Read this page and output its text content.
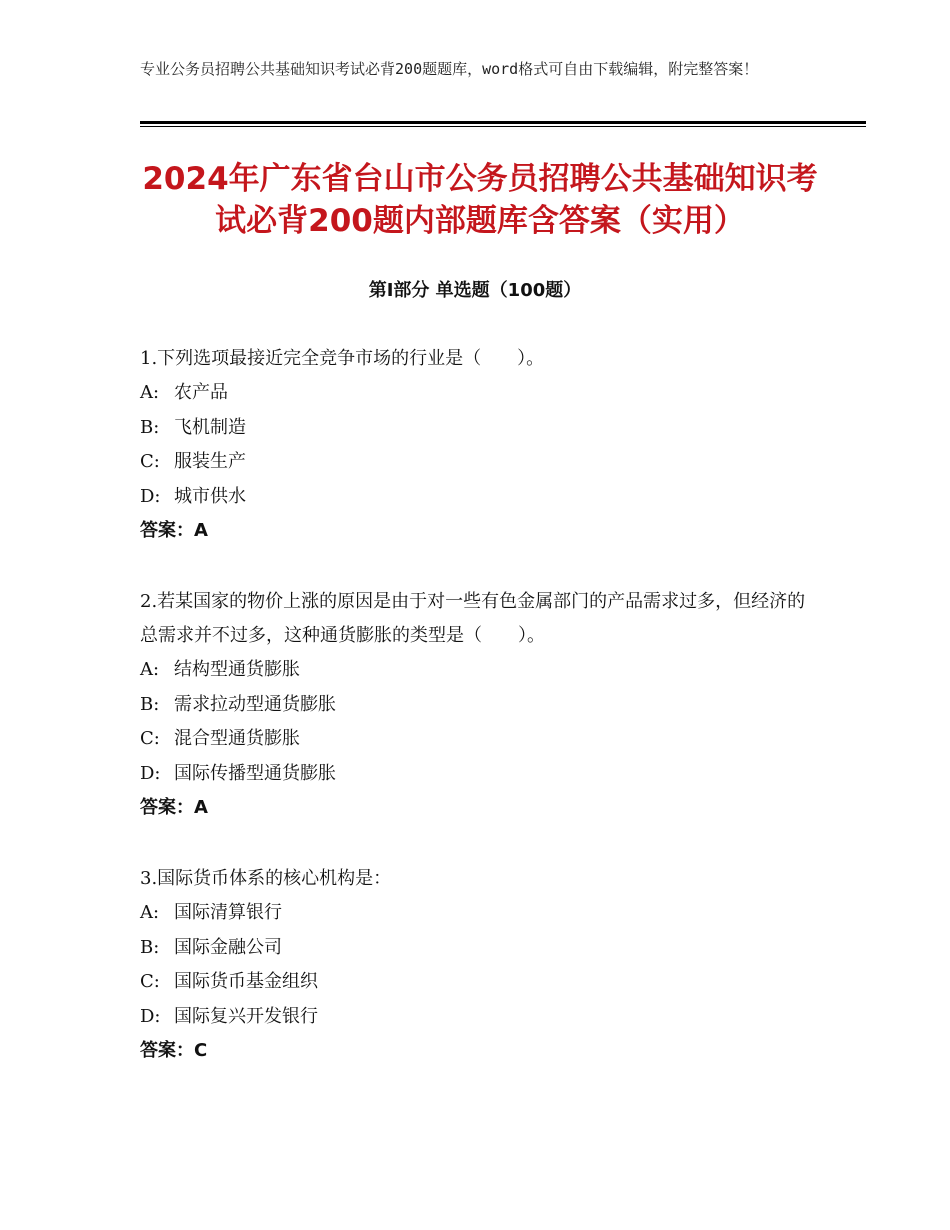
专业公务员招聘公共基础知识考试必背200题题库，word格式可自由下载编辑，附完整答案！
2024年广东省台山市公务员招聘公共基础知识考试必背200题内部题库含答案（实用）
第Ⅰ部分 单选题（100题）
1.下列选项最接近完全竞争市场的行业是（　　）。
A: 农产品
B: 飞机制造
C: 服装生产
D: 城市供水
答案：A
2.若某国家的物价上涨的原因是由于对一些有色金属部门的产品需求过多，但经济的总需求并不过多，这种通货膨胀的类型是（　　）。
A: 结构型通货膨胀
B: 需求拉动型通货膨胀
C: 混合型通货膨胀
D: 国际传播型通货膨胀
答案：A
3.国际货币体系的核心机构是：
A: 国际清算银行
B: 国际金融公司
C: 国际货币基金组织
D: 国际复兴开发银行
答案：C
